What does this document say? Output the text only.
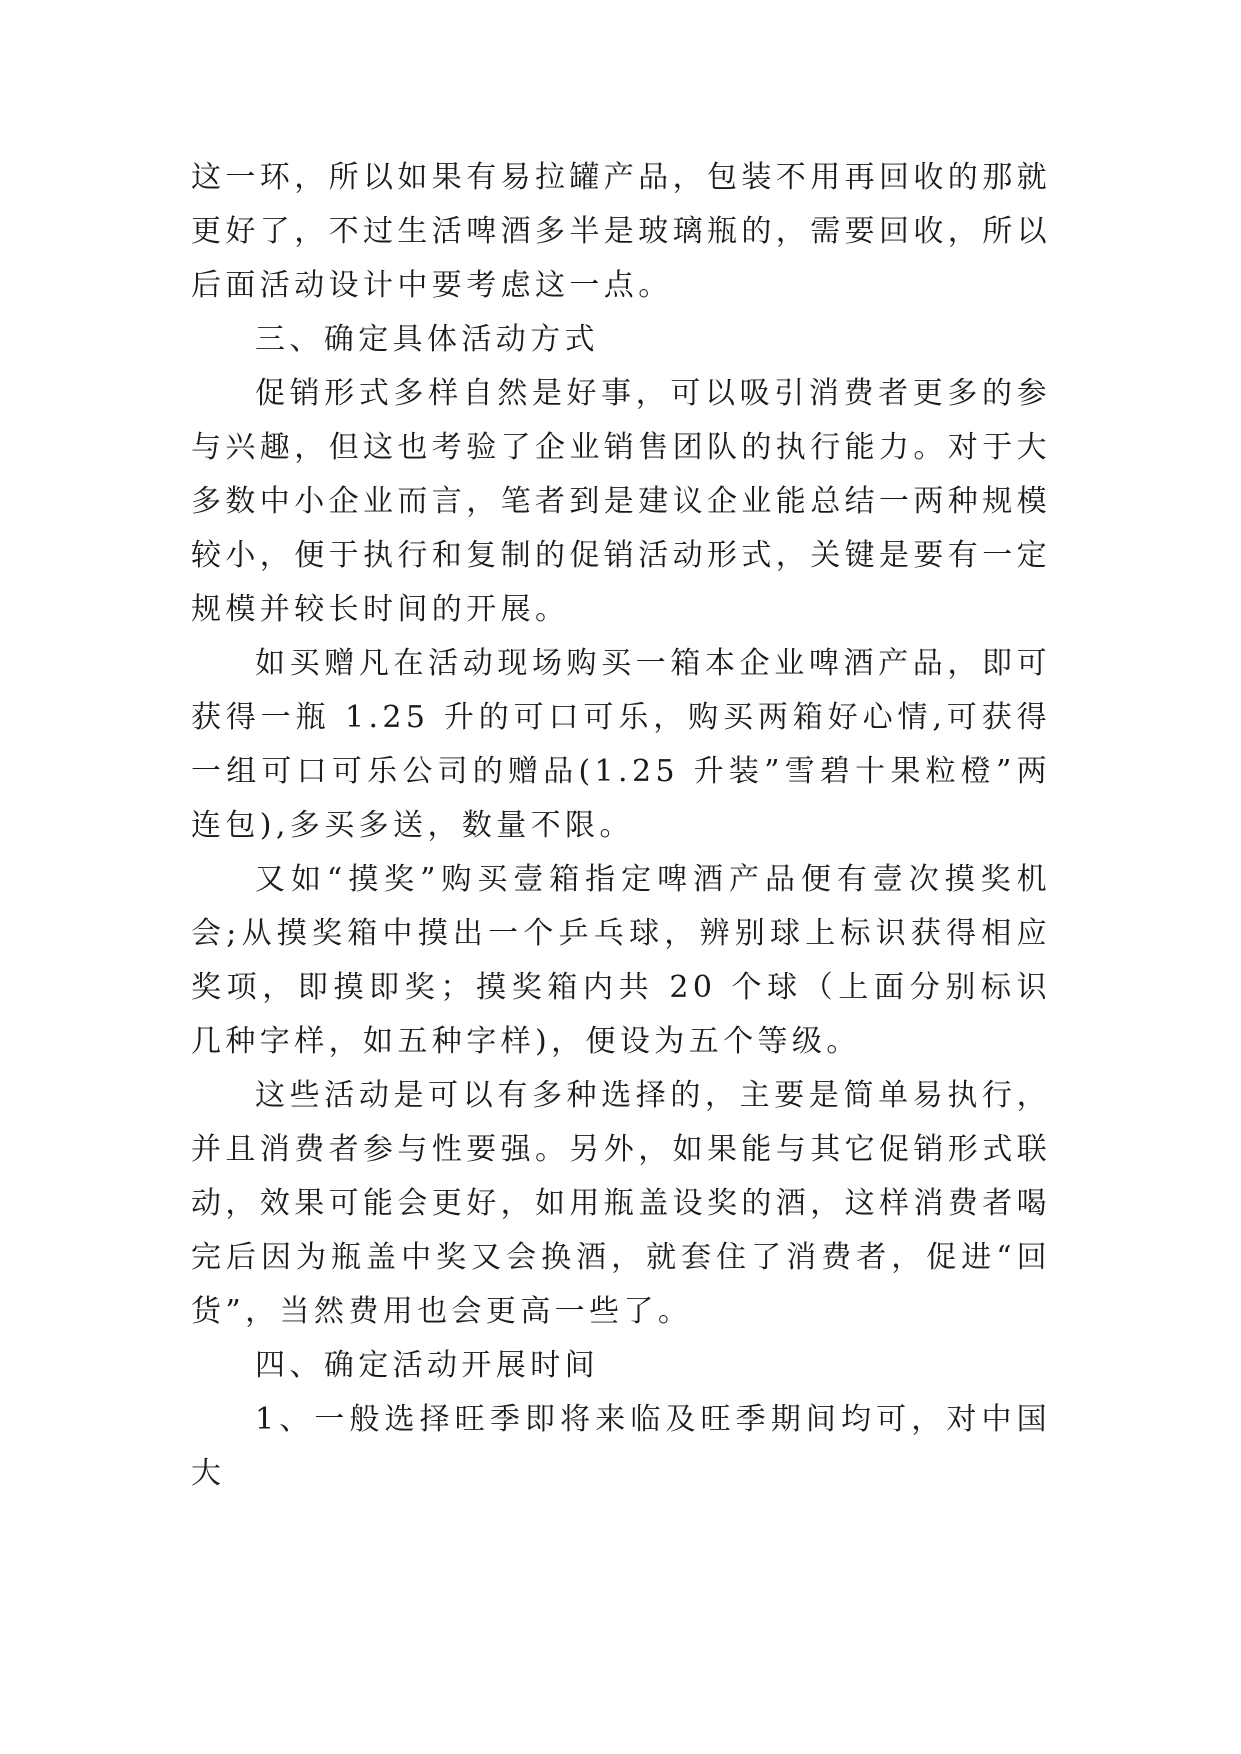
这一环，所以如果有易拉罐产品，包装不用再回收的那就更好了，不过生活啤酒多半是玻璃瓶的，需要回收，所以后面活动设计中要考虑这一点。

三、确定具体活动方式

促销形式多样自然是好事，可以吸引消费者更多的参与兴趣，但这也考验了企业销售团队的执行能力。对于大多数中小企业而言，笔者到是建议企业能总结一两种规模较小，便于执行和复制的促销活动形式，关键是要有一定规模并较长时间的开展。

如买赠凡在活动现场购买一箱本企业啤酒产品，即可获得一瓶 1.25 升的可口可乐，购买两箱好心情,可获得一组可口可乐公司的赠品(1.25 升装”雪碧十果粒橙”两连包),多买多送，数量不限。

又如“摸奖”购买壹箱指定啤酒产品便有壹次摸奖机会;从摸奖箱中摸出一个乒乓球，辨别球上标识获得相应奖项，即摸即奖；摸奖箱内共 20 个球（上面分别标识几种字样，如五种字样)，便设为五个等级。

这些活动是可以有多种选择的，主要是简单易执行，并且消费者参与性要强。另外，如果能与其它促销形式联动，效果可能会更好，如用瓶盖设奖的酒，这样消费者喝完后因为瓶盖中奖又会换酒，就套住了消费者，促进“回货”，当然费用也会更高一些了。

四、确定活动开展时间

1、一般选择旺季即将来临及旺季期间均可，对中国大
